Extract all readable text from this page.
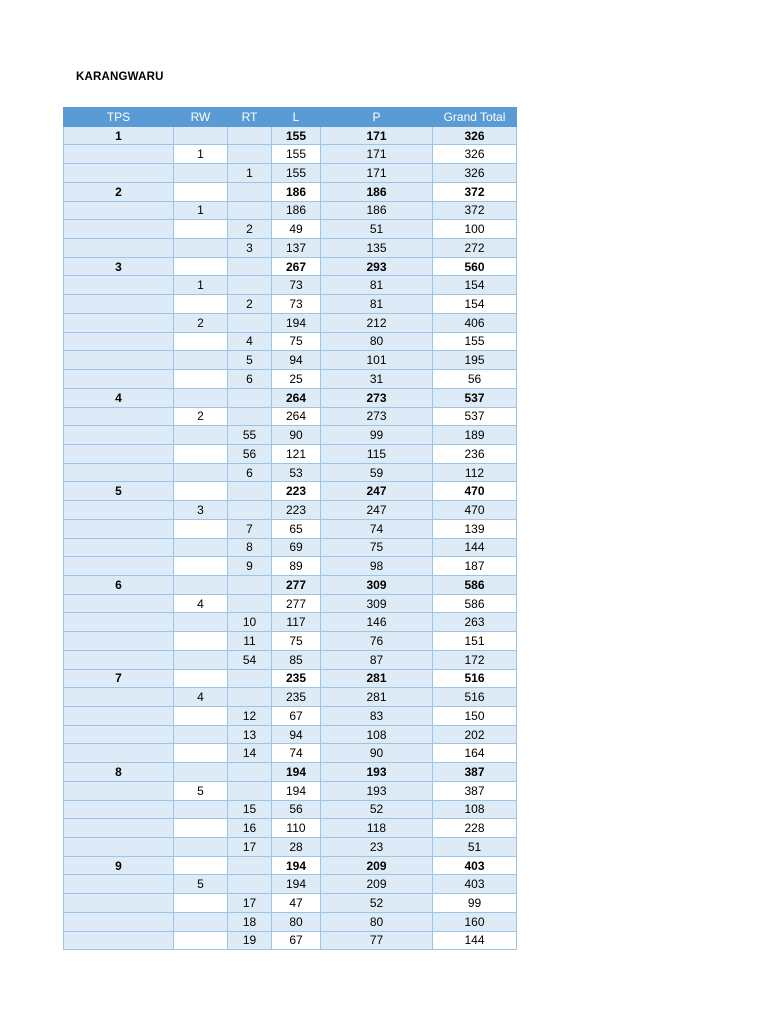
KARANGWARU
TPS	RW	RT	L	P	Grand Total
1			155	171	326
	1		155	171	326
		1	155	171	326
2			186	186	372
	1		186	186	372
		2	49	51	100
		3	137	135	272
3			267	293	560
	1		73	81	154
		2	73	81	154
	2		194	212	406
		4	75	80	155
		5	94	101	195
		6	25	31	56
4			264	273	537
	2		264	273	537
		55	90	99	189
		56	121	115	236
		6	53	59	112
5			223	247	470
	3		223	247	470
		7	65	74	139
		8	69	75	144
		9	89	98	187
6			277	309	586
	4		277	309	586
		10	117	146	263
		11	75	76	151
		54	85	87	172
7			235	281	516
	4		235	281	516
		12	67	83	150
		13	94	108	202
		14	74	90	164
8			194	193	387
	5		194	193	387
		15	56	52	108
		16	110	118	228
		17	28	23	51
9			194	209	403
	5		194	209	403
		17	47	52	99
		18	80	80	160
		19	67	77	144
